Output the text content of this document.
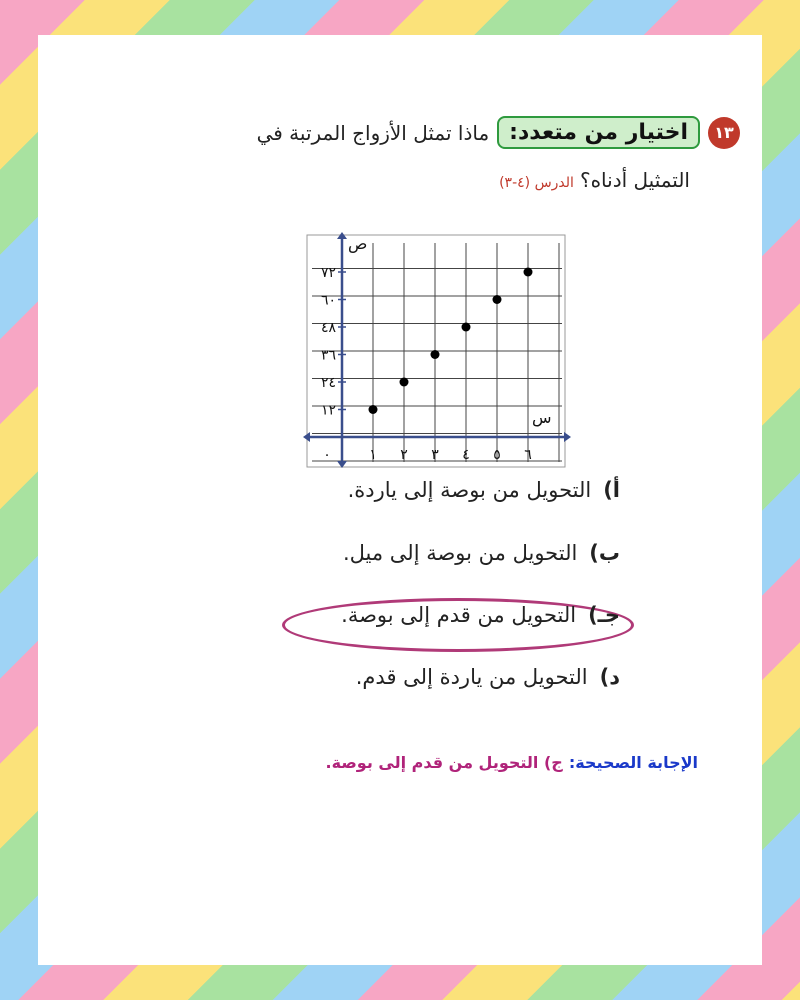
١٣
اختيار من متعدد:
ماذا تمثل الأزواج المرتبة في
التمثيل أدناه؟
الدرس (٤-٣)
ص
س
٠	١ ٢ ٣ ٤ ٥ ٦
١٢
٢٤
٣٦
٤٨
٦٠
٧٢
أ)
التحويل من بوصة إلى ياردة.
ب)
التحويل من بوصة إلى ميل.
جـ)
التحويل من قدم إلى بوصة.
د)
التحويل من ياردة إلى قدم.
الإجابة الصحيحة:
ج) التحويل من قدم إلى بوصة.
